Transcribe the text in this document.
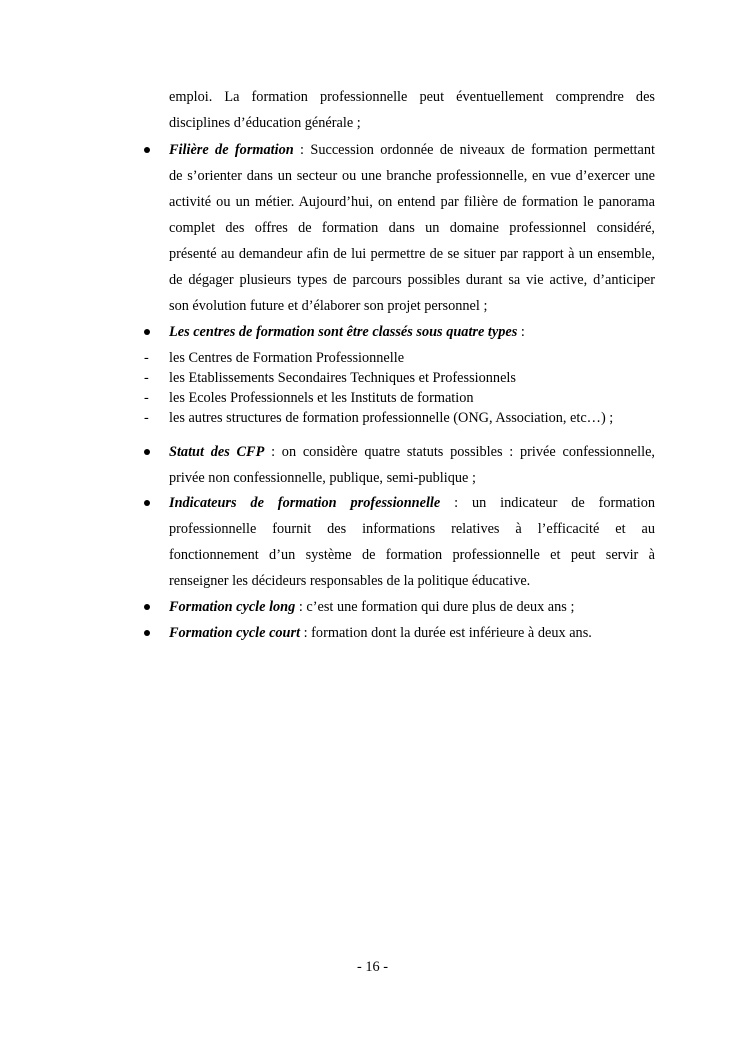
emploi. La formation professionnelle peut éventuellement comprendre des
disciplines d’éducation générale ;
Filière de formation : Succession ordonnée de niveaux de formation permettant
de s’orienter dans un secteur ou une branche professionnelle, en vue d’exercer une
activité ou un métier. Aujourd’hui, on entend par filière de formation le panorama
complet des offres de formation dans un domaine professionnel considéré,
présenté au demandeur afin de lui permettre de se situer par rapport à un ensemble,
de dégager plusieurs types de parcours possibles durant sa vie active, d’anticiper
son évolution future et d’élaborer son projet personnel ;
Les centres de formation sont être classés sous quatre types :
- les Centres de Formation Professionnelle
- les Etablissements Secondaires Techniques et Professionnels
- les Ecoles Professionnels et les Instituts de formation
- les autres structures de formation professionnelle (ONG, Association, etc…) ;
Statut des CFP : on considère quatre statuts possibles : privée confessionnelle,
privée non confessionnelle, publique, semi-publique ;
Indicateurs de formation professionnelle : un indicateur de formation
professionnelle fournit des informations relatives à l’efficacité et au
fonctionnement d’un système de formation professionnelle et peut servir à
renseigner les décideurs responsables de la politique éducative.
Formation cycle long : c’est une formation qui dure plus de deux ans ;
Formation cycle court : formation dont la durée est inférieure à deux ans.
- 16 -
